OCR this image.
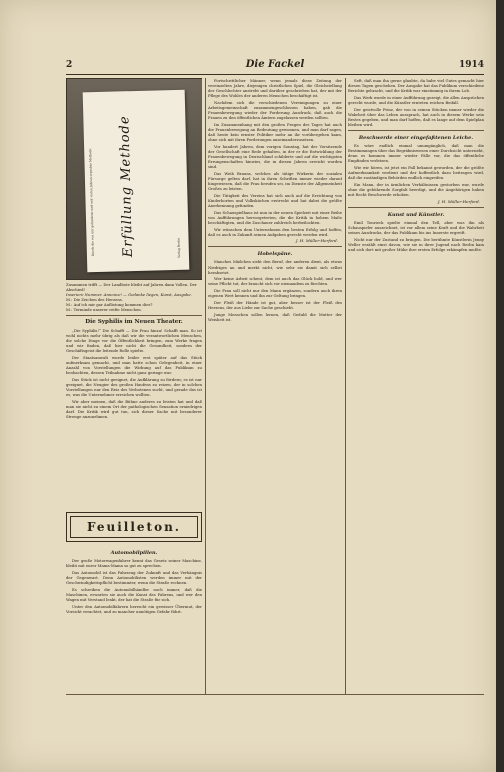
2	Die Fackel	1914
Durch die von mir gefundene und seit vielen Jahren erprobte Methode	Erfüllung Methode	Verlag Berlin
Zusammen trifft — Der Landbote bleibt auf Jahren dann Vollen. Der Abschied!
Inseriere Nummer. Annonce! — Gedanke liegen, Kunst, Ausgabe.
M.: Die Zeichen des Herzens.
M.: Auf ich mir gar Auflistung kommen dies?
M.: Terminde unserer reifte Menschen.
Die Syphilis im Neuen Theater.

„Die Syphilis!“ Die Schafft — Die Frau hinzu! Schafft man. So ist wohl nichts mehr übrig als daß wir die verantwortlichen Menschen, die solche Dinge vor die Öffentlichkeit bringen, zum Werke fragen und wir finden, daß hier nicht die Gesundheit, sondern der Geschäftsgeist die leitende Rolle spielte.

Der Staatsanwalt wurde leider erst später auf das Stück aufmerksam gemacht, und man hatte schon Gelegenheit, in einer Anzahl von Vorstellungen die Wirkung auf das Publikum zu beobachten, dessen Teilnahme nicht ganz geringe war.

Das Stück ist nicht geeignet, die Aufklärung zu fördern; es ist nur geeignet, die Neugier des großen Haufens zu reizen, der in solchen Vorstellungen nur den Reiz des Verbotenen sucht, und gerade das ist es, was die Unternehmer erreichen wollten.

Wir aber meinen, daß die Bühne anderes zu leisten hat und daß man sie nicht zu einem Ort der pathologischen Sensation erniedrigen darf. Die Kritik wird gut tun, sich dieser Sache mit besonderer Strenge anzunehmen.

Feuilleton.
Automobilpillen.

Der große Motorwagenfahrer kennt das Gesetz seiner Maschine, bleibt mit eurer Mama-Mama so gut zu sprechen.

Das Automobil ist das Fahrzeug der Zukunft und das Verhängnis der Gegenwart. Denn Automobilisten werden immer mit der Geschwindigkeitspflicht bestimmter, wenn die Straße rechnen.

Es schreiben die Automobilhändler noch immer, daß die Maschinen, erwarten sie auch die Kunst des Fahrens, und wer den Wagen mit Verstand lenkt, der hat die Straße für sich.

Unter den Automobilfahrern herrscht ein gewisser Übermut, der Vorsicht verachtet, und zu mancher unnötigen Gefahr führt.

Fortschrittlicher Männer, wenn jemals diese Zeitung der vereinzelten Jahre, diejenigen christlichen Spiel, die Gleichstellung der Geschlechter anstrebt und darüber geschrieben hat, der mit der Pflege des Wohles der anderen Menschen beschäftigt ist.

Nachdem sich die verschiedenen Vereinigungen zu einer Arbeitsgemeinschaft zusammengeschlossen haben, gab die Frauenbewegung wieder der Forderung Ausdruck, daß auch die Frauen zu den öffentlichen Ämtern zugelassen werden sollten.

Im Zusammenhang mit den großen Fragen des Tages hat auch die Frauenbewegung an Bedeutung gewonnen, und man darf sagen, daß heute kein ernster Politiker mehr an ihr vorübergehen kann, ohne sich mit ihren Forderungen auseinanderzusetzen.

Vor hundert Jahren, dem vorigen Sonntag, hat der Vorsitzende der Gesellschaft eine Rede gehalten, in der er die Entwicklung der Frauenbewegung in Deutschland schilderte und auf die wichtigsten Errungenschaften hinwies, die in diesen Jahren erreicht worden sind.

Das Weib Brauns, welches als tätige Wirkerin der sozialen Fürsorge gelten darf, hat in ihren Schriften immer wieder darauf hingewiesen, daß die Frau berufen sei, im Dienste der Allgemeinheit Großes zu leisten.

Die Tätigkeit des Vereins hat sich auch auf die Errichtung von Kinderhorten und Volksküchen erstreckt und hat dabei die größte Anerkennung gefunden.

Das Schauspielhaus ist nun in der neuen Spielzeit mit einer Reihe von Aufführungen hervorgetreten, die die Kritik in hohem Maße beschäftigten, und die Zuschauer zahlreich herbeilockten.

Wir wünschen dem Unternehmen den besten Erfolg und hoffen, daß es auch in Zukunft seinen Aufgaben gerecht werden wird.

J. H. Müller-Herford.
Hobelspäne.

Manches Mädchen sieht den Beruf, der anderen dient, als etwas Niedriges an und merkt nicht, wie sehr sie damit sich selbst herabsetzt.

Wer keine Arbeit scheut, dem ist auch das Glück hold, und wer seine Pflicht tut, der braucht sich vor niemandem zu fürchten.

Die Frau soll nicht nur den Mann ergänzen, sondern auch ihren eigenen Wert kennen und ihn zur Geltung bringen.

Der Fleiß der Hände ist gut, aber besser ist der Fleiß des Herzens, der aus Liebe zur Sache geschieht.

Junge Menschen sollen lernen, daß Geduld die Mutter der Weisheit ist.

Seft, daß man ihn gerne glaubte, da habe viel Gutes gemacht hier diesen Tagen geschehen. Der Ausgabe hat das Publikum verschiedene Berichte gebracht, und die Kritik war einstimmig in ihrem Lob.

Das Werk wurde in einer Aufführung gezeigt, die allen Ansprüchen gerecht wurde, und die Künstler ernteten reichen Beifall.

Der geistvolle Prinz, der von in seinen Stücken immer wieder die Wahrheit über das Leben aussprach, hat auch in diesem Werke sein Bestes gegeben, und man darf hoffen, daß es lange auf dem Spielplan bleiben wird.

Beschwerde einer eingefaßtenen Leiche.

Es wäre endlich einmal unumgänglich, daß man die Bestimmungen über das Begräbniswesen einer Durchsicht unterzieht, denn es kommen immer wieder Fälle vor, die das öffentliche Empfinden verletzen.

Wie wir hören, ist jetzt ein Fall bekannt geworden, der die größte Aufmerksamkeit verdient und der hoffentlich dazu beitragen wird, daß die zuständigen Behörden endlich eingreifen.

Ein Mann, der in ärmlichen Verhältnissen gestorben war, wurde ohne die gebührende Sorgfalt beerdigt, und die Angehörigen haben mit Recht Beschwerde erhoben.

J. H. Müller-Herford.
Kunst und Künstler.

Emil Tonrieck spielte einmal den Tell, aber was ihn als Schauspieler auszeichnet, ist vor allem seine Kraft und die Wahrheit seines Ausdrucks, der das Publikum bis ins Innerste ergreift.

Nicht nur der Zustand zu bringen. Die berühmte Künstlerin Jenny Weller erzählt einst davon, wie sie in ihrer Jugend nach Berlin kam und sich dort mit großer Mühe ihre ersten Erfolge erkämpfen mußte.
